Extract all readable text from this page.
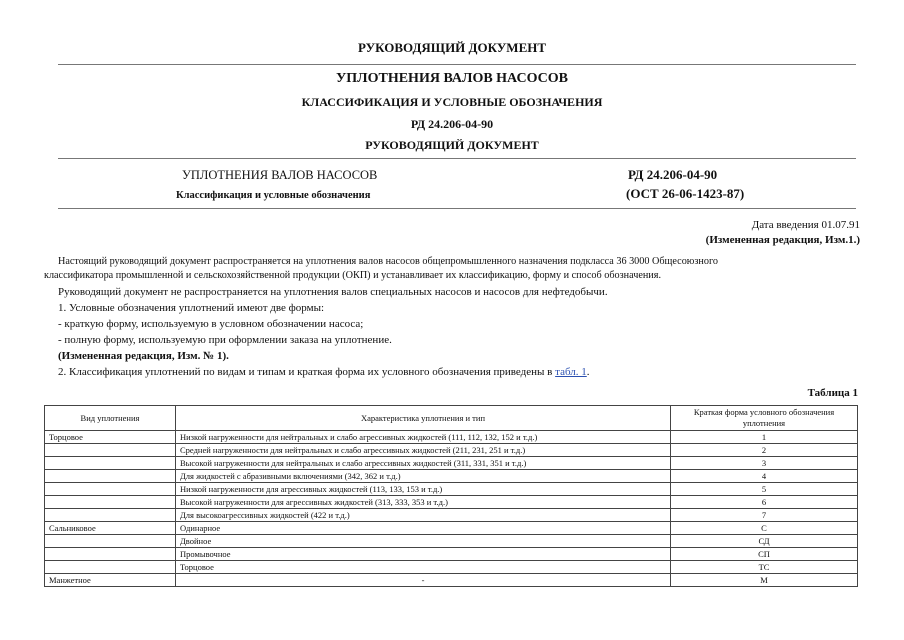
РУКОВОДЯЩИЙ ДОКУМЕНТ
УПЛОТНЕНИЯ ВАЛОВ НАСОСОВ
КЛАССИФИКАЦИЯ И УСЛОВНЫЕ ОБОЗНАЧЕНИЯ
РД 24.206-04-90
РУКОВОДЯЩИЙ ДОКУМЕНТ
УПЛОТНЕНИЯ ВАЛОВ НАСОСОВ
Классификация и условные обозначения
РД 24.206-04-90
(ОСТ 26-06-1423-87)
Дата введения 01.07.91
(Измененная редакция, Изм.1.)
Настоящий руководящий документ распространяется на уплотнения валов насосов общепромышленного назначения подкласса 36 3000 Общесоюзного
классификатора промышленной и сельскохозяйственной продукции (ОКП) и устанавливает их классификацию, форму и способ обозначения.
Руководящий документ не распространяется на уплотнения валов специальных насосов и насосов для нефтедобычи.
1. Условные обозначения уплотнений имеют две формы:
- краткую форму, используемую в условном обозначении насоса;
- полную форму, используемую при оформлении заказа на уплотнение.
(Измененная редакция, Изм. № 1).
2. Классификация уплотнений по видам и типам и краткая форма их условного обозначения приведены в табл. 1.
Таблица 1
Вид уплотнения	Характеристика уплотнения и тип	Краткая форма условного обозначения уплотнения
Торцовое	Низкой нагруженности для нейтральных и слабо агрессивных жидкостей (111, 112, 132, 152 и т.д.)	1
	Средней нагруженности для нейтральных и слабо агрессивных жидкостей (211, 231, 251 и т.д.)	2
	Высокой нагруженности для нейтральных и слабо агрессивных жидкостей (311, 331, 351 и т.д.)	3
	Для жидкостей с абразивными включениями (342, 362 и т.д.)	4
	Низкой нагруженности для агрессивных жидкостей (113, 133, 153 и т.д.)	5
	Высокой нагруженности для агрессивных жидкостей (313, 333, 353 и т.д.)	6
	Для высокоагрессивных жидкостей (422 и т.д.)	7
Сальниковое	Одинарное	С
	Двойное	СД
	Промывочное	СП
	Торцовое	ТС
Манжетное	-	М
